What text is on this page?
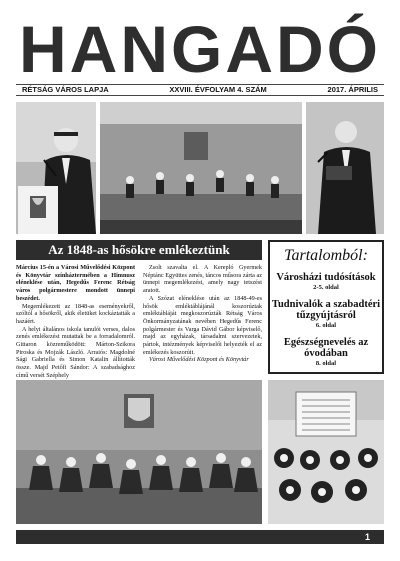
HANGADÓ
RÉTSÁG VÁROS LAPJA	XXVIII. ÉVFOLYAM 4. SZÁM	2017. ÁPRILIS
Az 1848-as hősökre emlékeztünk

Március 15-én a Városi Művelődési Központ és Könyvtár színháztermében a Himnusz eléneklése után, Hegedűs Ferenc Rétság város polgármestere mondott ünnepi beszédet.

Megemlékezett az 1848-as eseményekről, szóltól a hősökről, akik életüket kockáztatták a hazáért.

A helyi általános iskola tanulói verses, dalos zenés emlékezést mutattak be a forradalomról. Gittaron közreműködött: Márton-Szikora Piroska és Mojzák László. Arraiós: Magdolné Sági Gabriella és Simon Katalin állították össze. Majd Petőfi Sándor: A szabadsághoz című versét Széphely

Zsolt szavalta el. A Kerepló Gyermek Néptánc Együttes zenés, táncos műsora zárta az ünnepi megemlékezést, amely nagy tetszést aratott.

A Szózat eléneklése után az 1848-49-es hősök emléktáblájánál koszorúztak emléktábláját megkoszorúzták Rétság Város Önkormányzatának nevében Hegedűs Ferenc polgármester és Varga Dávid Gábor képviselő, majd az egyházak, társadalmi szervezetek, pártok, intézmények képviselői helyezték el az emlékezés koszorúit.

Városi Művelődési Központ és Könyvtár

Tartalomból:
Városházi tudósítások
2-5. oldal
Tudnivalók a szabadtéri tűzgyújtásról
6. oldal
Egészségnevelés az óvodában
8. oldal
1
